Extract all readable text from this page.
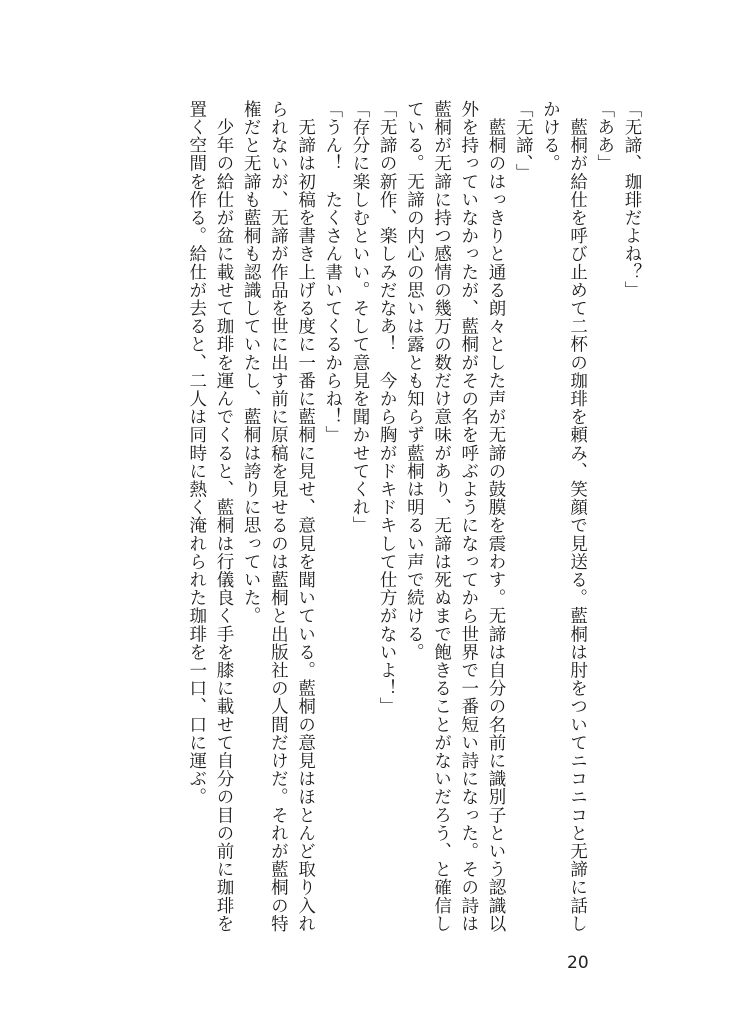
「无諦、珈琲だよね？」
「ああ」
　藍桐が給仕を呼び止めて二杯の珈琲を頼み、笑顔で見送る。藍桐は肘をついてニコニコと无諦に話し
かける。
「无諦、」
　藍桐のはっきりと通る朗々とした声が无諦の鼓膜を震わす。无諦は自分の名前に識別子という認識以
外を持っていなかったが、藍桐がその名を呼ぶようになってから世界で一番短い詩になった。その詩は
藍桐が无諦に持つ感情の幾万の数だけ意味があり、无諦は死ぬまで飽きることがないだろう、と確信し
ている。无諦の内心の思いは露とも知らず藍桐は明るい声で続ける。
「无諦の新作、楽しみだなあ！　今から胸がドキドキして仕方がないよ！」
「存分に楽しむといい。そして意見を聞かせてくれ」
「うん！　たくさん書いてくるからね！」
　无諦は初稿を書き上げる度に一番に藍桐に見せ、意見を聞いている。藍桐の意見はほとんど取り入れ
られないが、无諦が作品を世に出す前に原稿を見せるのは藍桐と出版社の人間だけだ。それが藍桐の特
権だと无諦も藍桐も認識していたし、藍桐は誇りに思っていた。
　少年の給仕が盆に載せて珈琲を運んでくると、藍桐は行儀良く手を膝に載せて自分の目の前に珈琲を
置く空間を作る。給仕が去ると、二人は同時に熱く淹れられた珈琲を一口、口に運ぶ。
20
